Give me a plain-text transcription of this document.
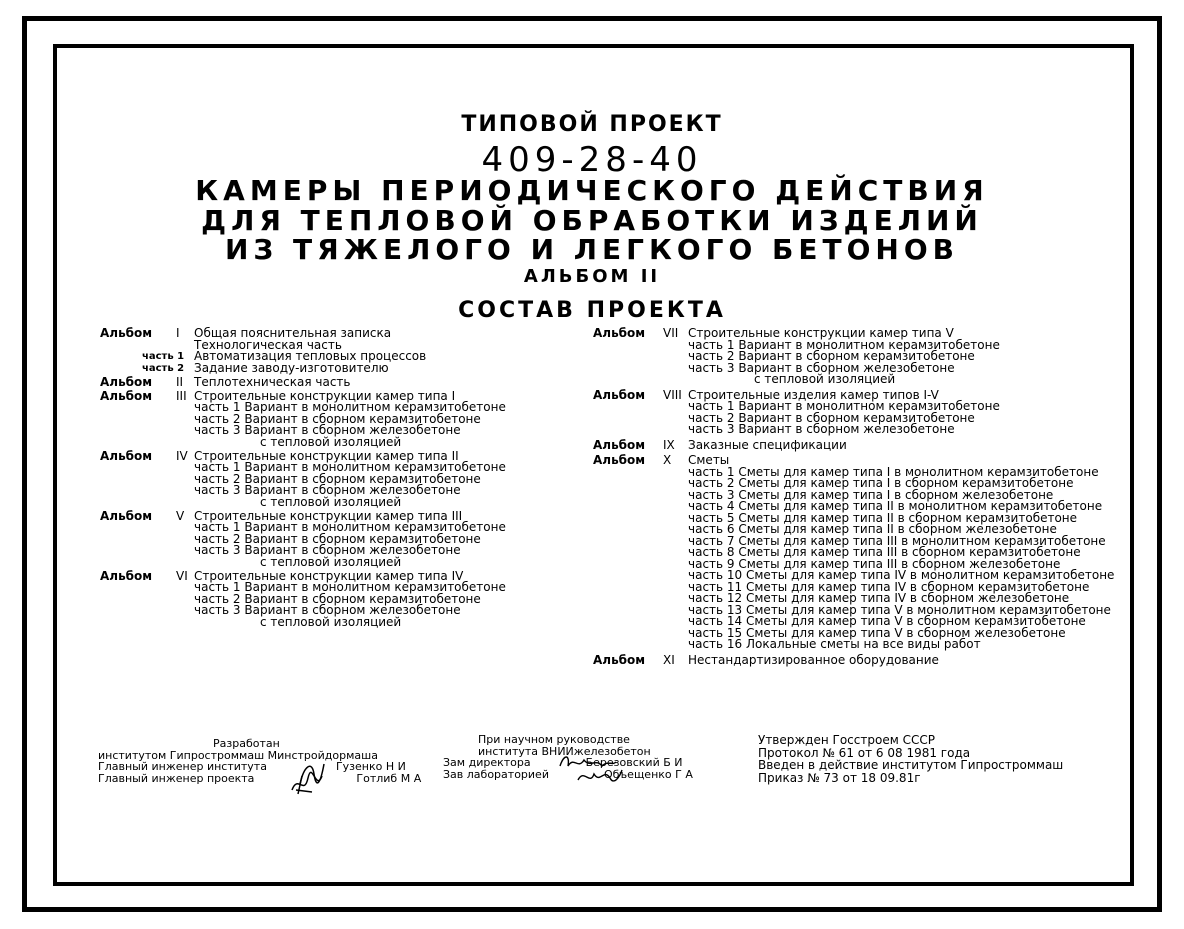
ТИПОВОЙ ПРОЕКТ
409-28-40
КАМЕРЫ ПЕРИОДИЧЕСКОГО ДЕЙСТВИЯ
ДЛЯ ТЕПЛОВОЙ ОБРАБОТКИ ИЗДЕЛИЙ
ИЗ ТЯЖЕЛОГО И ЛЕГКОГО БЕТОНОВ
АЛЬБОМ II
СОСТАВ ПРОЕКТА
Альбом I Общая пояснительная записка
Технологическая часть
часть 1 Автоматизация тепловых процессов
часть 2 Задание заводу-изготовителю
Альбом II Теплотехническая часть
Альбом III Строительные конструкции камер типа I
часть 1 Вариант в монолитном керамзитобетоне
часть 2 Вариант в сборном керамзитобетоне
часть 3 Вариант в сборном железобетоне
с тепловой изоляцией
Альбом IV Строительные конструкции камер типа II
часть 1 Вариант в монолитном керамзитобетоне
часть 2 Вариант в сборном керамзитобетоне
часть 3 Вариант в сборном железобетоне
с тепловой изоляцией
Альбом V Строительные конструкции камер типа III
часть 1 Вариант в монолитном керамзитобетоне
часть 2 Вариант в сборном керамзитобетоне
часть 3 Вариант в сборном железобетоне
с тепловой изоляцией
Альбом VI Строительные конструкции камер типа IV
часть 1 Вариант в монолитном керамзитобетоне
часть 2 Вариант в сборном керамзитобетоне
часть 3 Вариант в сборном железобетоне
с тепловой изоляцией
Альбом VII Строительные конструкции камер типа V
часть 1 Вариант в монолитном керамзитобетоне
часть 2 Вариант в сборном керамзитобетоне
часть 3 Вариант в сборном железобетоне
с тепловой изоляцией
Альбом VIII Строительные изделия камер типов I-V
часть 1 Вариант в монолитном керамзитобетоне
часть 2 Вариант в сборном керамзитобетоне
часть 3 Вариант в сборном железобетоне
Альбом IX Заказные спецификации
Альбом X Сметы
часть 1 Сметы для камер типа I в монолитном керамзитобетоне
часть 2 Сметы для камер типа I в сборном керамзитобетоне
часть 3 Сметы для камер типа I в сборном железобетоне
часть 4 Сметы для камер типа II в монолитном керамзитобетоне
часть 5 Сметы для камер типа II в сборном керамзитобетоне
часть 6 Сметы для камер типа II в сборном железобетоне
часть 7 Сметы для камер типа III в монолитном керамзитобетоне
часть 8 Сметы для камер типа III в сборном керамзитобетоне
часть 9 Сметы для камер типа III в сборном железобетоне
часть 10 Сметы для камер типа IV в монолитном керамзитобетоне
часть 11 Сметы для камер типа IV в сборном керамзитобетоне
часть 12 Сметы для камер типа IV в сборном железобетоне
часть 13 Сметы для камер типа V в монолитном керамзитобетоне
часть 14 Сметы для камер типа V в сборном керамзитобетоне
часть 15 Сметы для камер типа V в сборном железобетоне
часть 16 Локальные сметы на все виды работ
Альбом XI Нестандартизированное оборудование
Разработан
институтом Гипростроммаш Минстройдормаша
Главный инженер института	Гузенко Н И
Главный инженер проекта	Готлиб М А
При научном руководстве
института ВНИИжелезобетон
Зам директора	Березовский Б И
Зав лабораторией	Объещенко Г А
Утвержден Госстроем СССР
Протокол № 61 от 6 08 1981 года
Введен в действие институтом Гипростроммаш
Приказ № 73 от 18 09.81г
